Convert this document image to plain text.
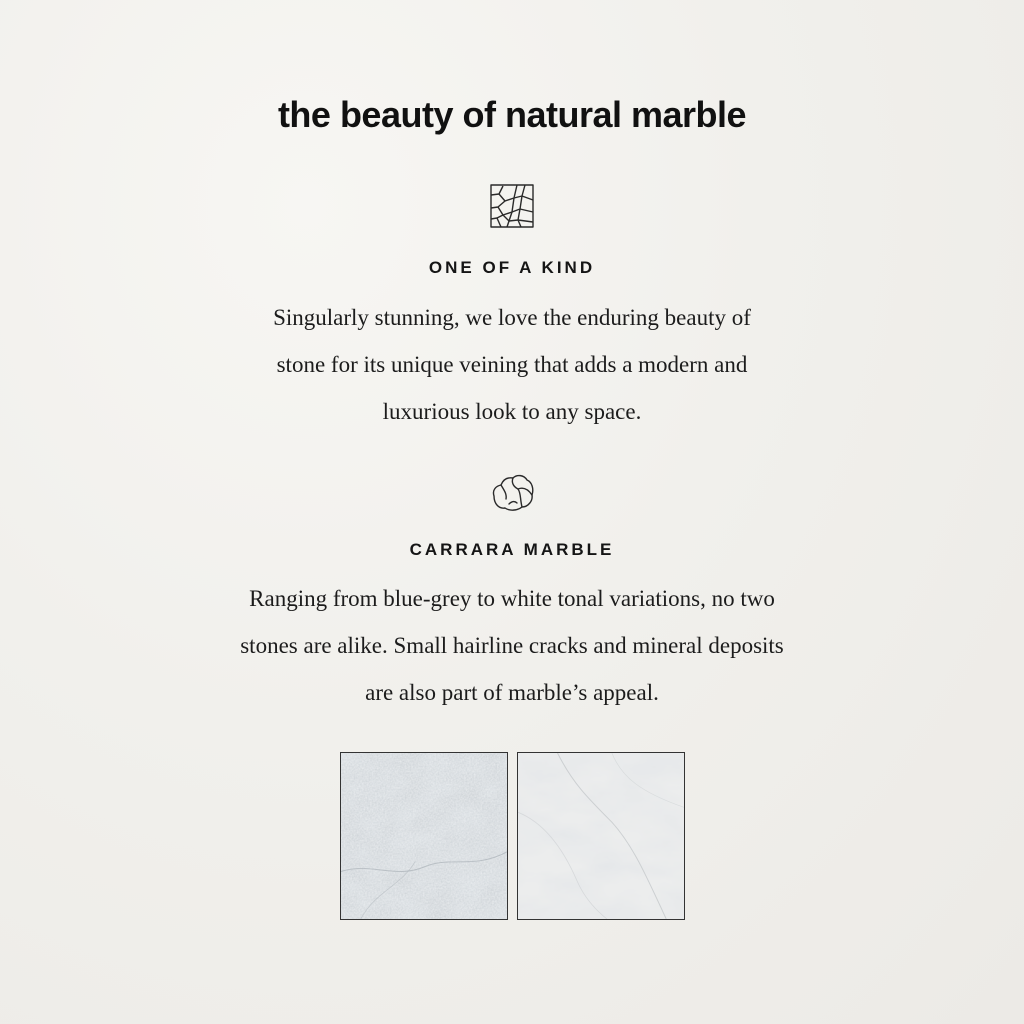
the beauty of natural marble
ONE OF A KIND
Singularly stunning, we love the enduring beauty of
stone for its unique veining that adds a modern and
luxurious look to any space.
CARRARA MARBLE
Ranging from blue-grey to white tonal variations, no two
stones are alike. Small hairline cracks and mineral deposits
are also part of marble’s appeal.
